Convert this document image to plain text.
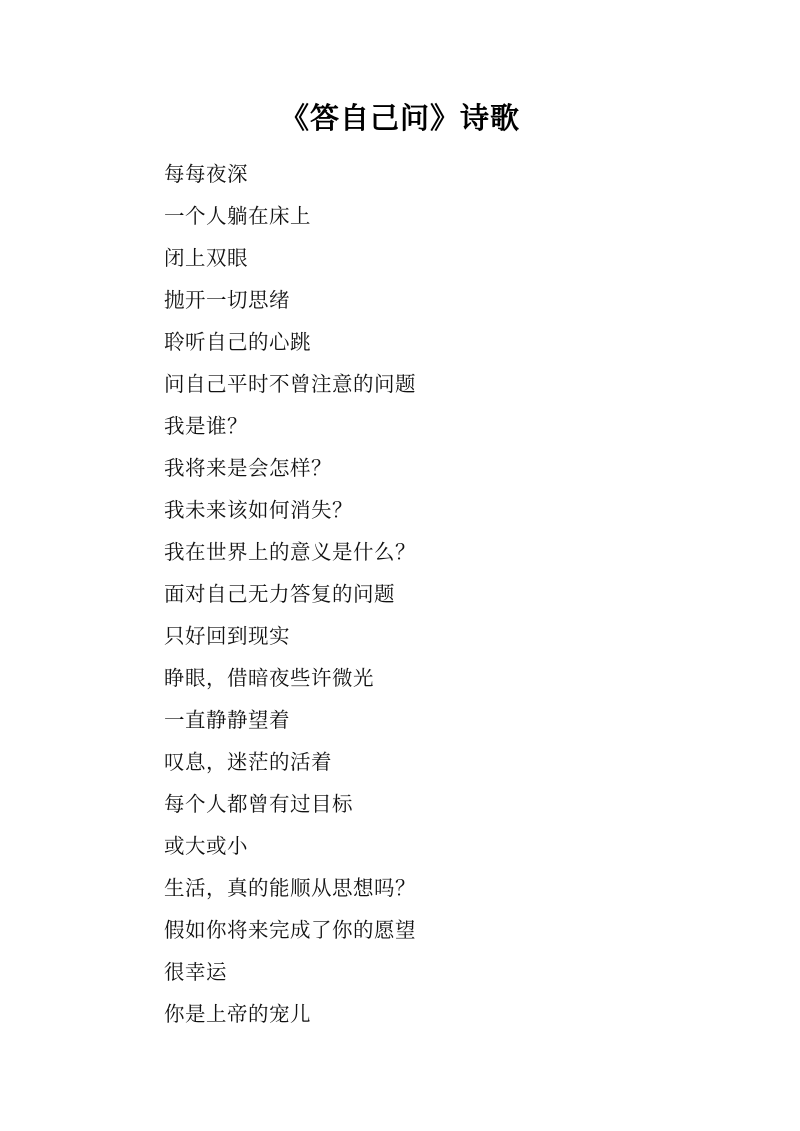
《答自己问》诗歌
每每夜深
一个人躺在床上
闭上双眼
抛开一切思绪
聆听自己的心跳
问自己平时不曾注意的问题
我是谁？
我将来是会怎样？
我未来该如何消失？
我在世界上的意义是什么？
面对自己无力答复的问题
只好回到现实
睁眼，借暗夜些许微光
一直静静望着
叹息，迷茫的活着
每个人都曾有过目标
或大或小
生活，真的能顺从思想吗？
假如你将来完成了你的愿望
很幸运
你是上帝的宠儿
